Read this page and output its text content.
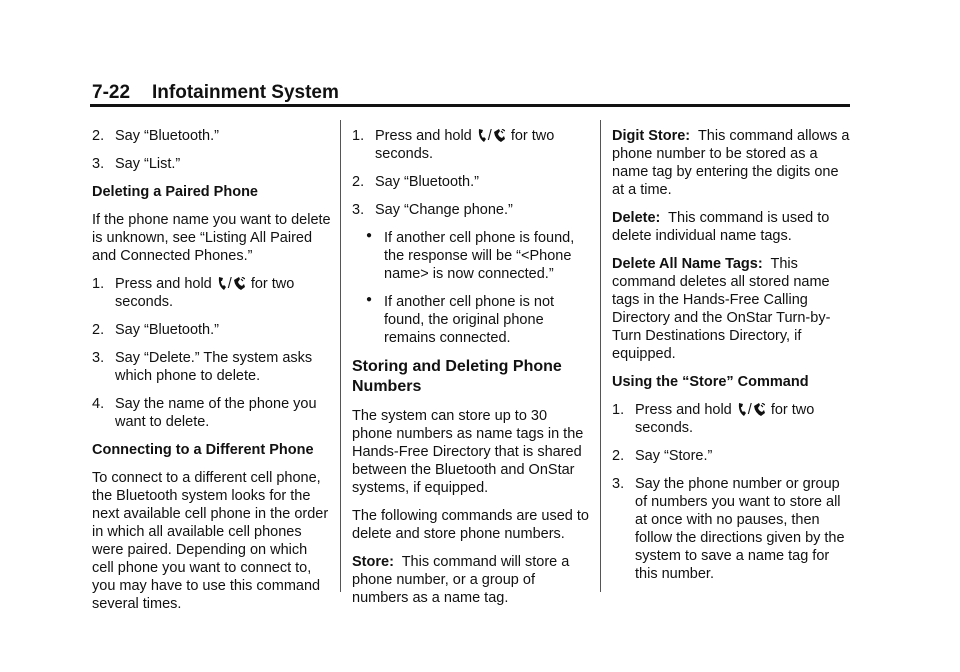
7-22 Infotainment System
2. Say “Bluetooth.”
3. Say “List.”

Deleting a Paired Phone

If the phone name you want to delete is unknown, see “Listing All Paired and Connected Phones.”

1. Press and hold / for two seconds.
2. Say “Bluetooth.”
3. Say “Delete.” The system asks which phone to delete.
4. Say the name of the phone you want to delete.

Connecting to a Different Phone

To connect to a different cell phone, the Bluetooth system looks for the next available cell phone in the order in which all available cell phones were paired. Depending on which cell phone you want to connect to, you may have to use this command several times.

1. Press and hold / for two seconds.
2. Say “Bluetooth.”
3. Say “Change phone.”
● If another cell phone is found, the response will be “<Phone name> is now connected.”
● If another cell phone is not found, the original phone remains connected.

Storing and Deleting Phone Numbers

The system can store up to 30 phone numbers as name tags in the Hands-Free Directory that is shared between the Bluetooth and OnStar systems, if equipped.

The following commands are used to delete and store phone numbers.

Store: This command will store a phone number, or a group of numbers as a name tag.

Digit Store: This command allows a phone number to be stored as a name tag by entering the digits one at a time.

Delete: This command is used to delete individual name tags.

Delete All Name Tags: This command deletes all stored name tags in the Hands-Free Calling Directory and the OnStar Turn-by-Turn Destinations Directory, if equipped.

Using the “Store” Command

1. Press and hold / for two seconds.
2. Say “Store.”
3. Say the phone number or group of numbers you want to store all at once with no pauses, then follow the directions given by the system to save a name tag for this number.
